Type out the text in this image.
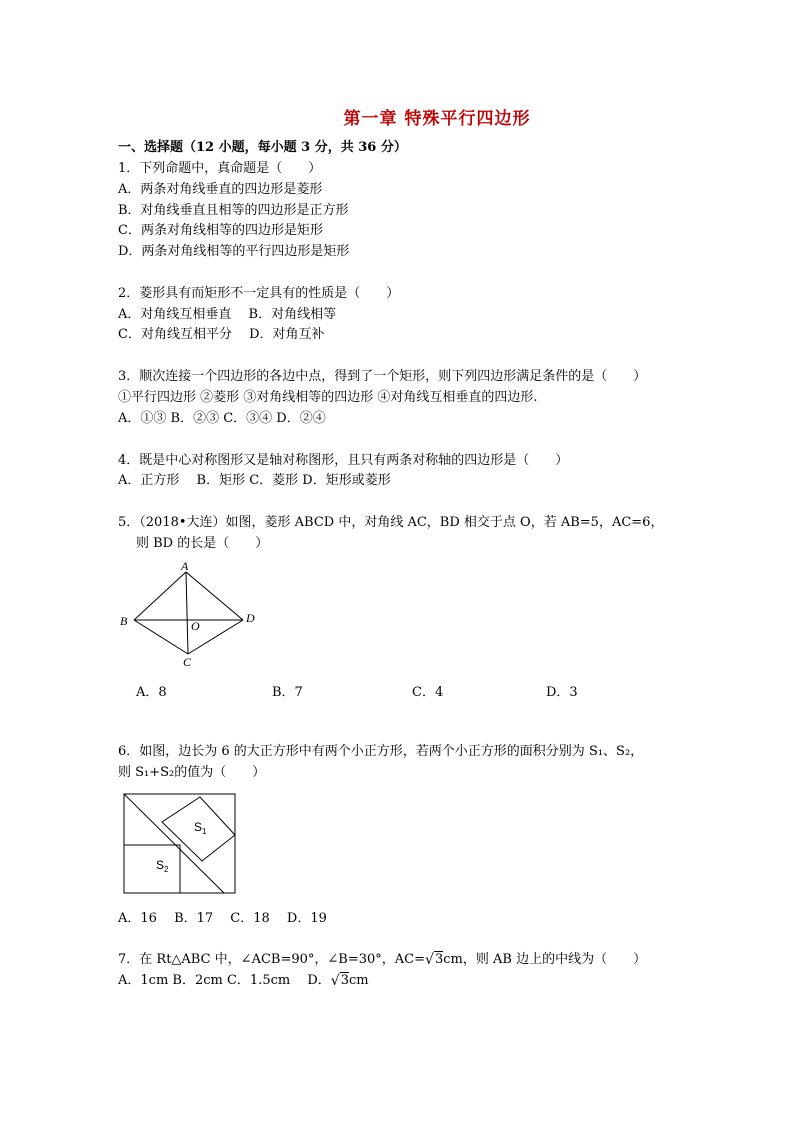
第一章 特殊平行四边形
一、选择题（12 小题，每小题 3 分，共 36 分）
1．下列命题中，真命题是（　　）
A．两条对角线垂直的四边形是菱形
B．对角线垂直且相等的四边形是正方形
C．两条对角线相等的四边形是矩形
D．两条对角线相等的平行四边形是矩形
2．菱形具有而矩形不一定具有的性质是（　　）
A．对角线互相垂直　 B．对角线相等
C．对角线互相平分　 D．对角互补
3．顺次连接一个四边形的各边中点，得到了一个矩形，则下列四边形满足条件的是（　　）
①平行四边形 ②菱形 ③对角线相等的四边形 ④对角线互相垂直的四边形.
A．①③ B．②③ C．③④ D．②④
4．既是中心对称图形又是轴对称图形，且只有两条对称轴的四边形是（　　）
A．正方形　 B．矩形 C．菱形 D．矩形或菱形
5．（2018•大连）如图，菱形 ABCD 中，对角线 AC，BD 相交于点 O，若 AB=5，AC=6，
则 BD 的长是（　　）
A
B
C
D
O
A．8	B．7	C．4	D．3
6．如图，边长为 6 的大正方形中有两个小正方形，若两个小正方形的面积分别为 S₁、S₂，
则 S₁+S₂的值为（　　）
$S_1$
$S_2$
A．16　 B．17　 C．18　 D．19
7．在 Rt△ABC 中，∠ACB=90°，∠B=30°，AC= √ 3cm，则 AB 边上的中线为（　　）
A．1cm B．2cm C．1.5cm　 D． √ 3cm
